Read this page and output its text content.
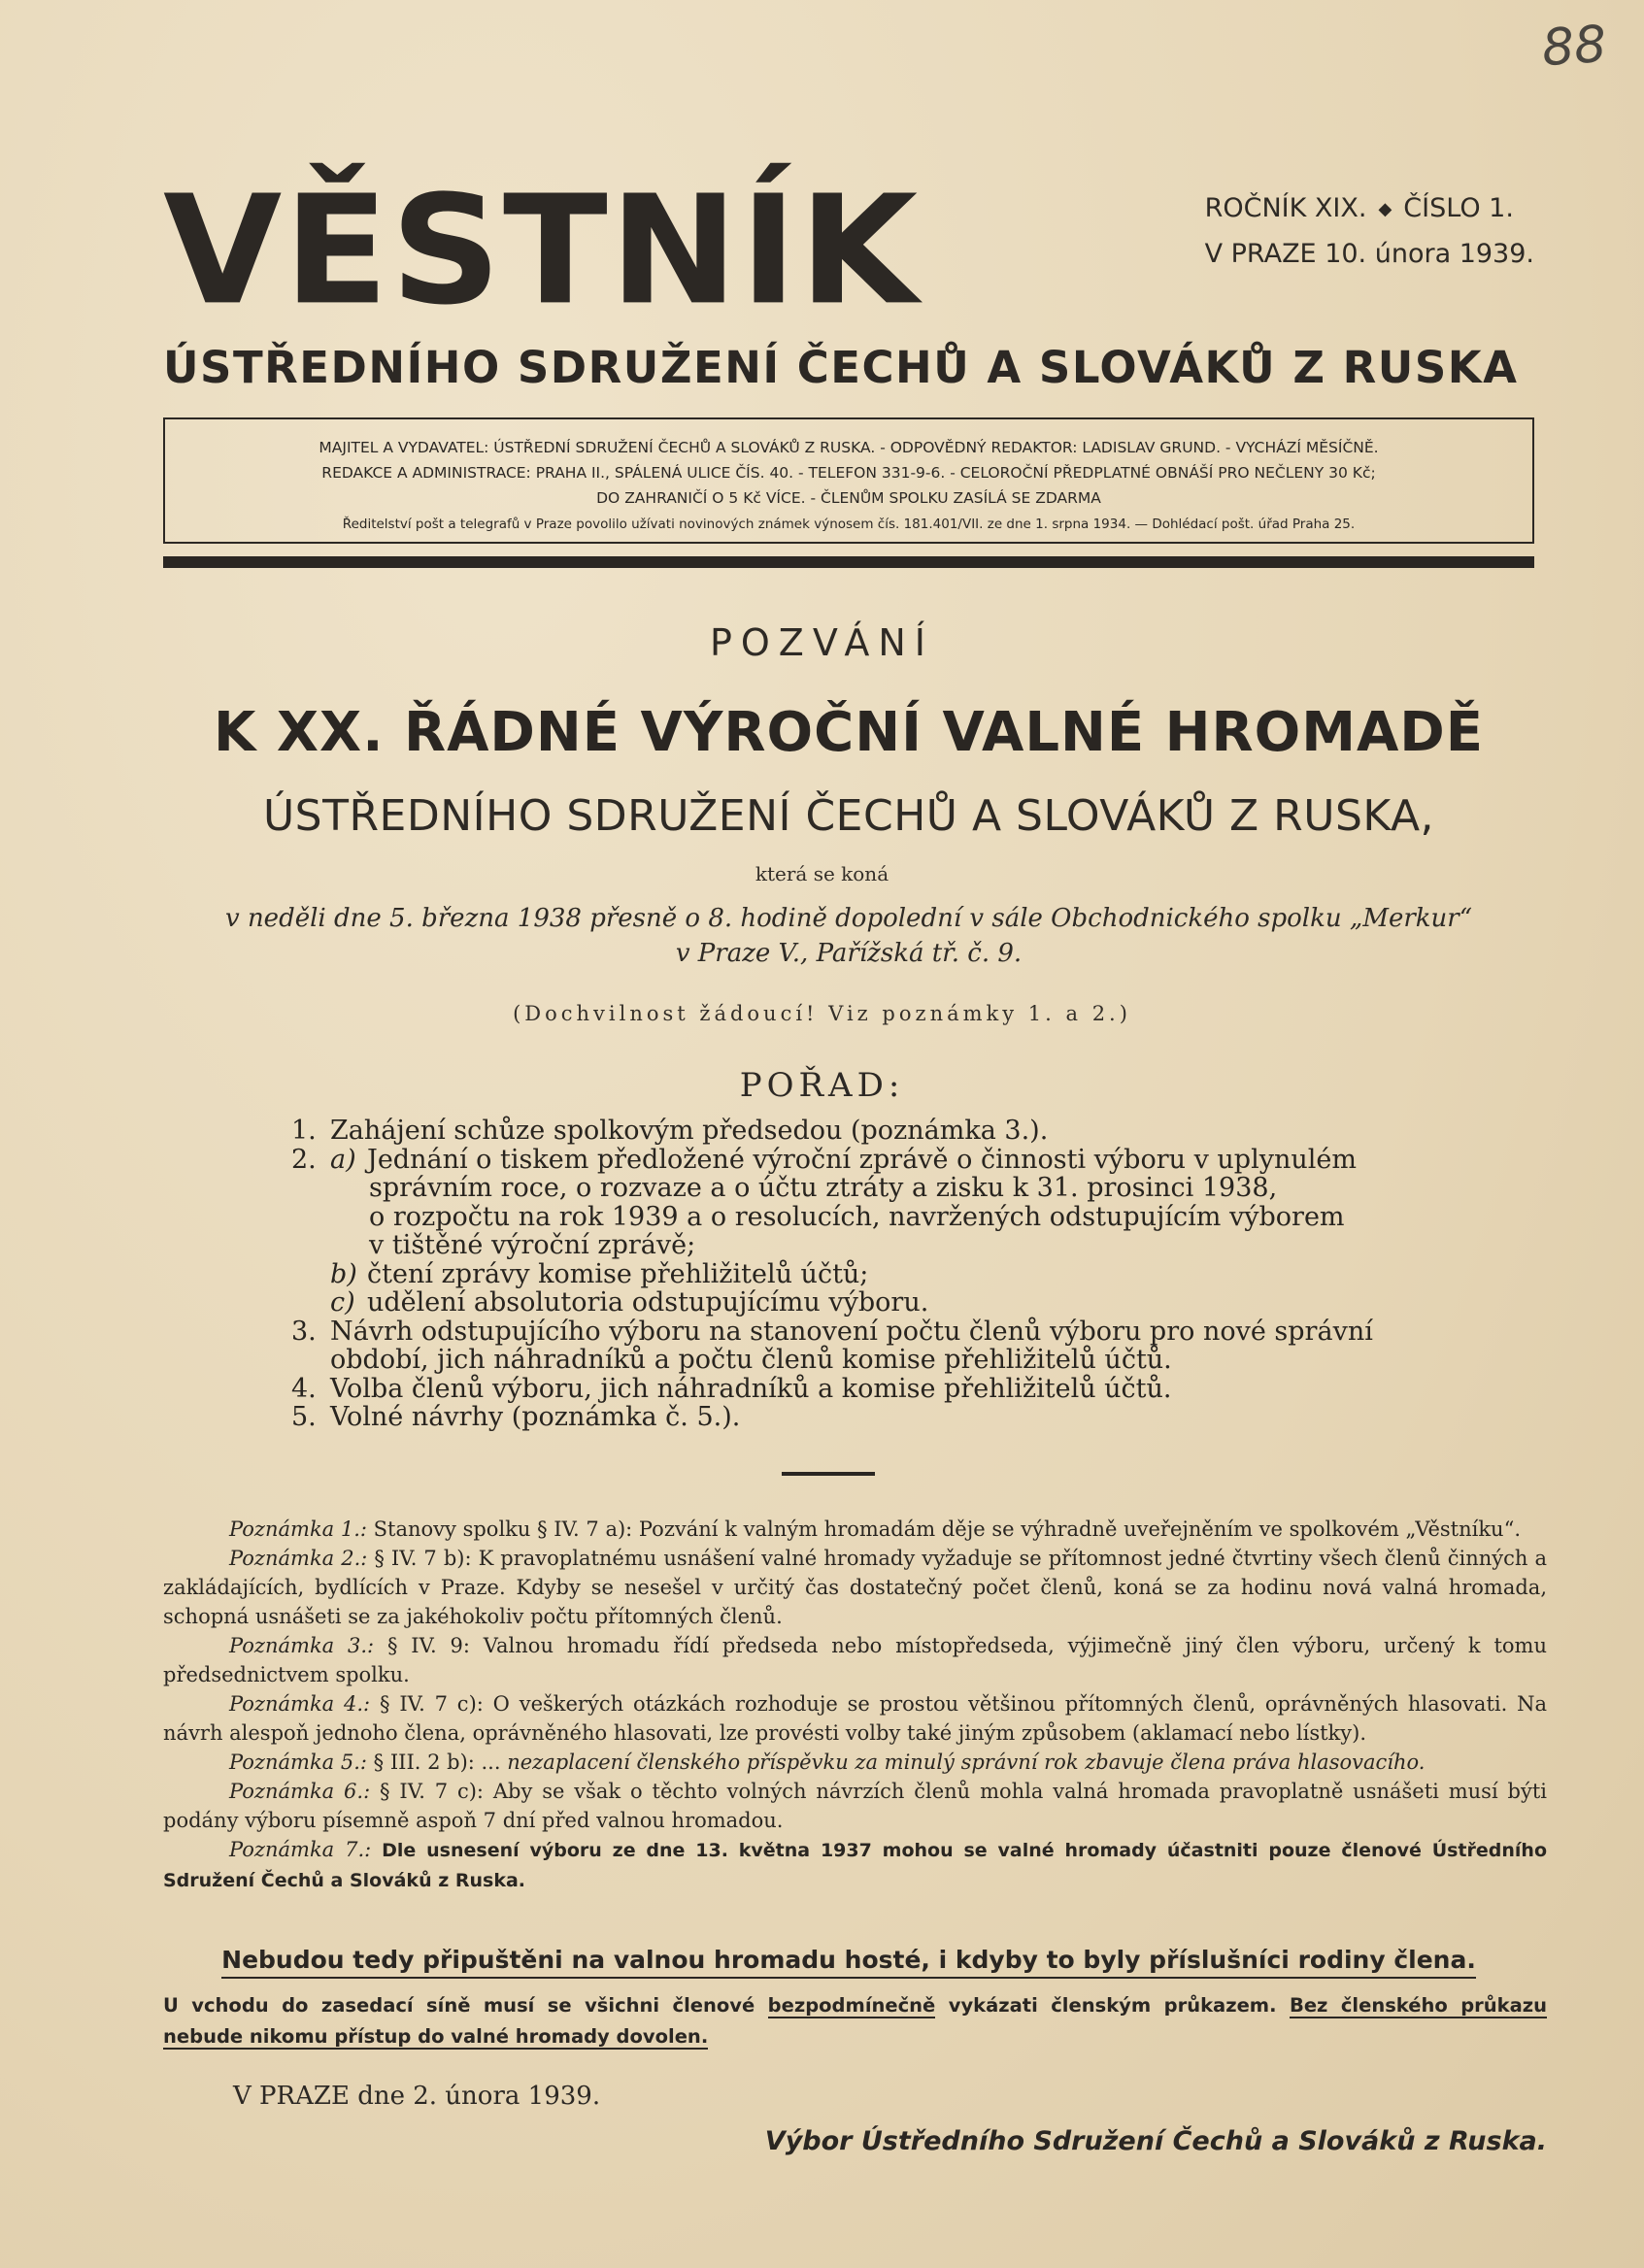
88
VĚSTNÍK	ROČNÍK XIX. ◆ ČÍSLO 1.
V PRAZE 10. února 1939.
ÚSTŘEDNÍHO SDRUŽENÍ ČECHŮ A SLOVÁKŮ Z RUSKA
MAJITEL A VYDAVATEL: ÚSTŘEDNÍ SDRUŽENÍ ČECHŮ A SLOVÁKŮ Z RUSKA. - ODPOVĚDNÝ REDAKTOR: LADISLAV GRUND. - VYCHÁZÍ MĚSÍČNĚ.
REDAKCE A ADMINISTRACE: PRAHA II., SPÁLENÁ ULICE ČÍS. 40. - TELEFON 331-9-6. - CELOROČNÍ PŘEDPLATNÉ OBNÁŠÍ PRO NEČLENY 30 Kč;
DO ZAHRANIČÍ O 5 Kč VÍCE. - ČLENŮM SPOLKU ZASÍLÁ SE ZDARMA
Ředitelství pošt a telegrafů v Praze povolilo užívati novinových známek výnosem čís. 181.401/VII. ze dne 1. srpna 1934. — Dohlédací pošt. úřad Praha 25.
POZVÁNÍ
K XX. ŘÁDNÉ VÝROČNÍ VALNÉ HROMADĚ
ÚSTŘEDNÍHO SDRUŽENÍ ČECHŮ A SLOVÁKŮ Z RUSKA,
která se koná
v neděli dne 5. března 1938 přesně o 8. hodině dopolední v sále Obchodnického spolku „Merkur“
v Praze V., Pařížská tř. č. 9.
(Dochvilnost žádoucí! Viz poznámky 1. a 2.)
POŘAD:
1. Zahájení schůze spolkovým předsedou (poznámka 3.).
2. a) Jednání o tiskem předložené výroční zprávě o činnosti výboru v uplynulém
správním roce, o rozvaze a o účtu ztráty a zisku k 31. prosinci 1938,
o rozpočtu na rok 1939 a o resolucích, navržených odstupujícím výborem
v tištěné výroční zprávě;
b) čtení zprávy komise přehližitelů účtů;
c) udělení absolutoria odstupujícímu výboru.
3. Návrh odstupujícího výboru na stanovení počtu členů výboru pro nové správní
období, jich náhradníků a počtu členů komise přehližitelů účtů.
4. Volba členů výboru, jich náhradníků a komise přehližitelů účtů.
5. Volné návrhy (poznámka č. 5.).

Poznámka 1.: Stanovy spolku § IV. 7 a): Pozvání k valným hromadám děje se výhradně uveřejněním ve spolkovém „Věstníku“.

Poznámka 2.: § IV. 7 b): K pravoplatnému usnášení valné hromady vyžaduje se přítomnost jedné čtvrtiny všech členů činných a zakládajících, bydlících v Praze. Kdyby se nesešel v určitý čas dostatečný počet členů, koná se za hodinu nová valná hromada, schopná usnášeti se za jakéhokoliv počtu přítomných členů.

Poznámka 3.: § IV. 9: Valnou hromadu řídí předseda nebo místopředseda, výjimečně jiný člen výboru, určený k tomu předsednictvem spolku.

Poznámka 4.: § IV. 7 c): O veškerých otázkách rozhoduje se prostou většinou přítomných členů, oprávněných hlasovati. Na návrh alespoň jednoho člena, oprávněného hlasovati, lze provésti volby také jiným způsobem (aklamací nebo lístky).

Poznámka 5.: § III. 2 b): ... nezaplacení členského příspěvku za minulý správní rok zbavuje člena práva hlasovacího.

Poznámka 6.: § IV. 7 c): Aby se však o těchto volných návrzích členů mohla valná hromada pravoplatně usnášeti musí býti podány výboru písemně aspoň 7 dní před valnou hromadou.

Poznámka 7.: Dle usnesení výboru ze dne 13. května 1937 mohou se valné hromady účastniti pouze členové Ústředního Sdružení Čechů a Slováků z Ruska.

Nebudou tedy připuštěni na valnou hromadu hosté, i kdyby to byly příslušníci rodiny člena.
U vchodu do zasedací síně musí se všichni členové bezpodmínečně vykázati členským průkazem. Bez členského průkazu
nebude nikomu přístup do valné hromady dovolen.
V PRAZE dne 2. února 1939.
Výbor Ústředního Sdružení Čechů a Slováků z Ruska.
